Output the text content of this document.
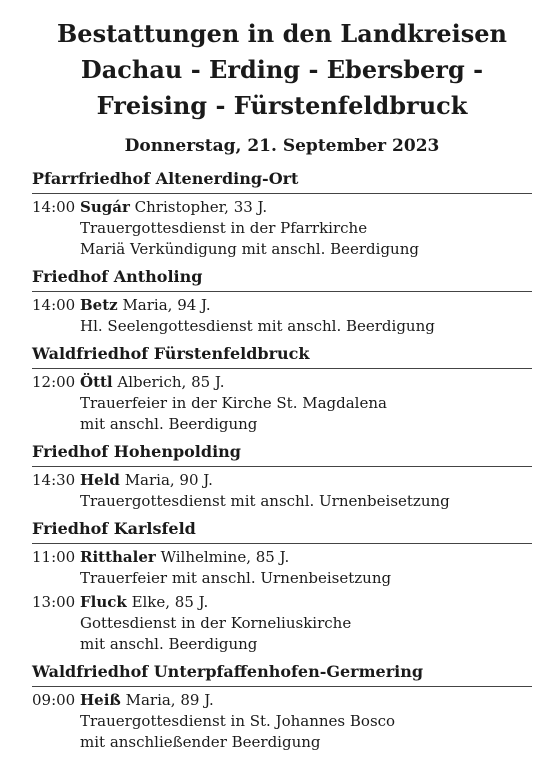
Bestattungen in den Landkreisen
Dachau - Erding - Ebersberg -
Freising - Fürstenfeldbruck
Donnerstag, 21. September 2023
Pfarrfriedhof Altenerding-Ort
14:00 Sugár Christopher, 33 J.
Trauergottesdienst in der Pfarrkirche
Mariä Verkündigung mit anschl. Beerdigung
Friedhof Antholing
14:00 Betz Maria, 94 J.
Hl. Seelengottesdienst mit anschl. Beerdigung
Waldfriedhof Fürstenfeldbruck
12:00 Öttl Alberich, 85 J.
Trauerfeier in der Kirche St. Magdalena
mit anschl. Beerdigung
Friedhof Hohenpolding
14:30 Held Maria, 90 J.
Trauergottesdienst mit anschl. Urnenbeisetzung
Friedhof Karlsfeld
11:00 Ritthaler Wilhelmine, 85 J.
Trauerfeier mit anschl. Urnenbeisetzung
13:00 Fluck Elke, 85 J.
Gottesdienst in der Korneliuskirche
mit anschl. Beerdigung
Waldfriedhof Unterpfaffenhofen-Germering
09:00 Heiß Maria, 89 J.
Trauergottesdienst in St. Johannes Bosco
mit anschließender Beerdigung
